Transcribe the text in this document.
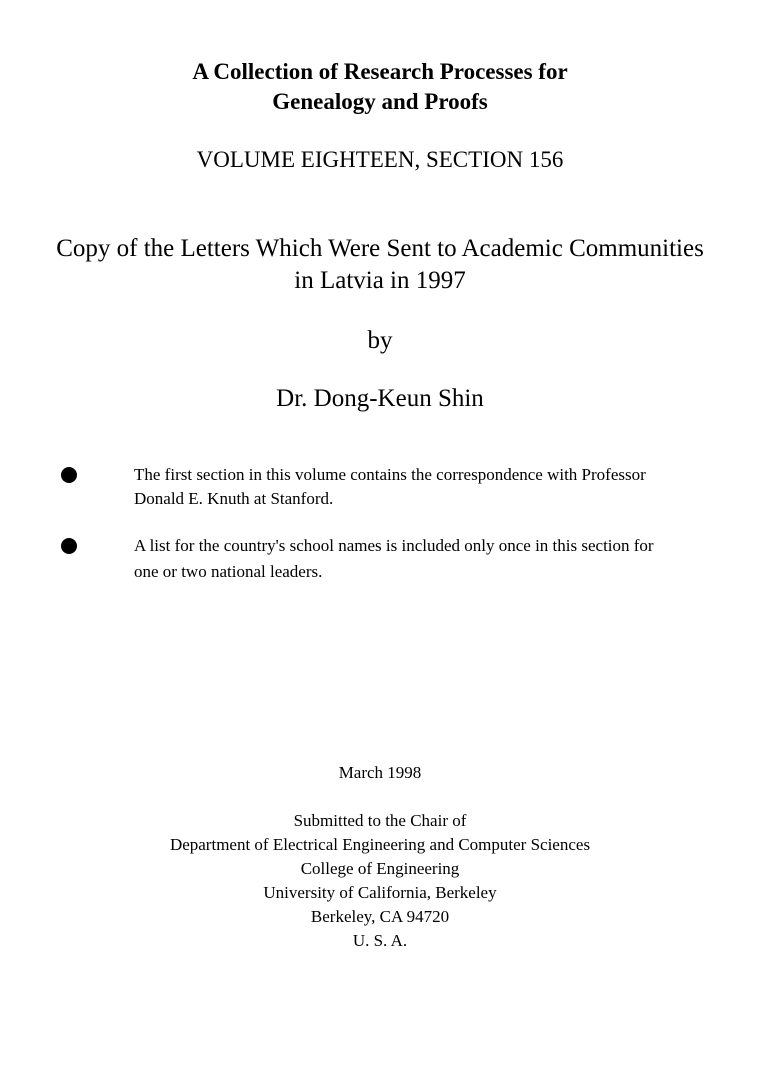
A Collection of Research Processes for
Genealogy and Proofs
VOLUME EIGHTEEN, SECTION 156
Copy of the Letters Which Were Sent to Academic Communities
in Latvia in 1997
by
Dr. Dong-Keun Shin
The first section in this volume contains the correspondence with Professor
Donald E. Knuth at Stanford.
A list for the country's school names is included only once in this section for
one or two national leaders.
March 1998
Submitted to the Chair of
Department of Electrical Engineering and Computer Sciences
College of Engineering
University of California, Berkeley
Berkeley, CA 94720
U. S. A.
